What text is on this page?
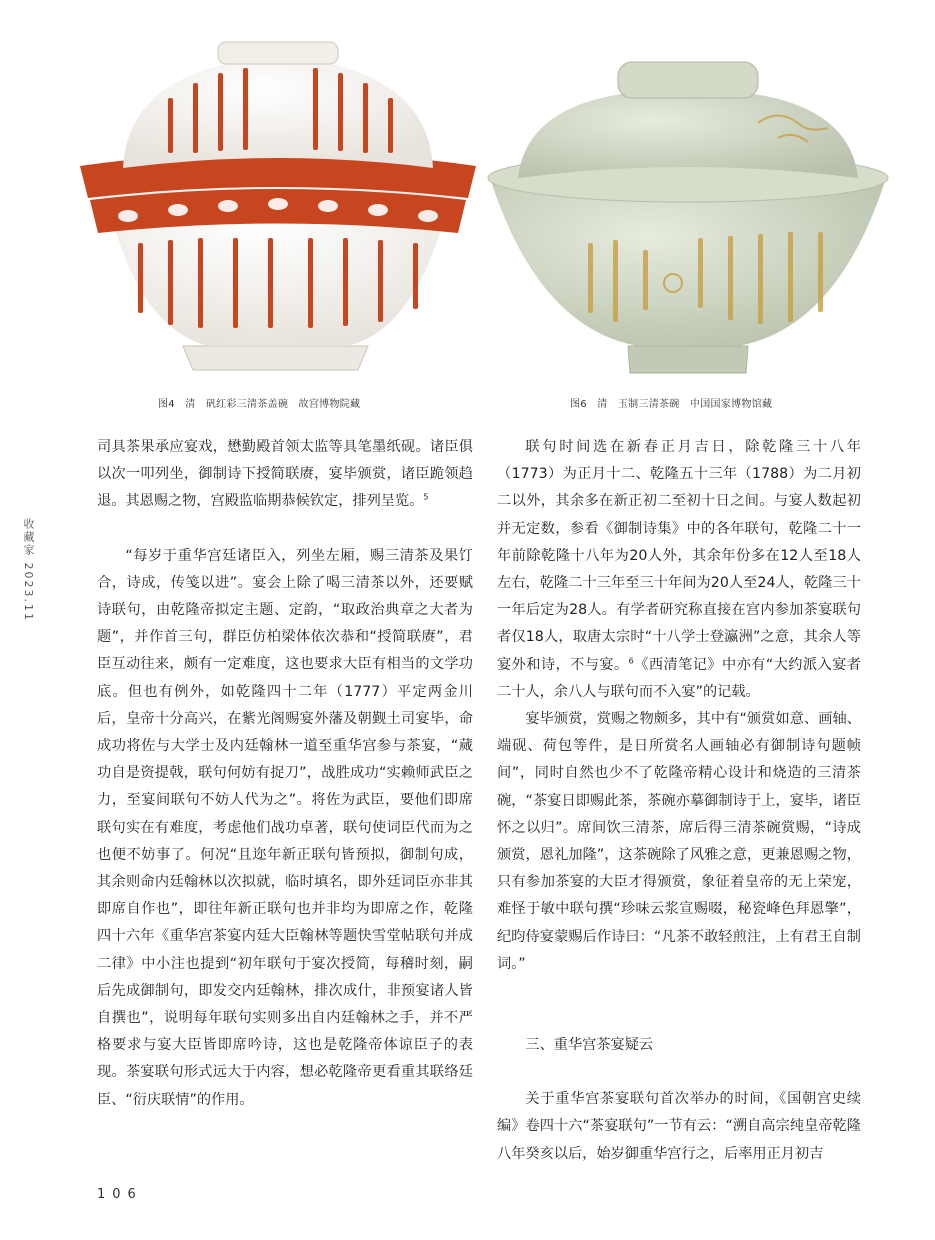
图4　清　矾红彩三清茶盖碗　故宫博物院藏	图6　清　玉制三清茶碗　中国国家博物馆藏
收藏家 2023.11

司具茶果承应宴戏，懋勤殿首领太监等具笔墨纸砚。诸臣俱以次一叩列坐，御制诗下授简联赓，宴毕颁赏，诸臣跪领趋退。其恩赐之物，宫殿监临期恭候钦定，排列呈览。$^5$

“每岁于重华宫廷诸臣入，列坐左厢，赐三清茶及果饤合，诗成，传笺以进”。宴会上除了喝三清茶以外，还要赋诗联句，由乾隆帝拟定主题、定韵，“取政治典章之大者为题”，并作首三句，群臣仿柏梁体依次恭和“授简联赓”，君臣互动往来，颇有一定难度，这也要求大臣有相当的文学功底。但也有例外，如乾隆四十二年（1777）平定两金川后，皇帝十分高兴，在紫光阁赐宴外藩及朝觐土司宴毕，命成功将佐与大学士及内廷翰林一道至重华宫参与茶宴，“蒇功自是资提戟，联句何妨有捉刀”，战胜成功“实赖师武臣之力，至宴间联句不妨人代为之”。将佐为武臣，要他们即席联句实在有难度，考虑他们战功卓著，联句使词臣代而为之也便不妨事了。何况“且迩年新正联句皆预拟，御制句成，其余则命内廷翰林以次拟就，临时填名，即外廷词臣亦非其即席自作也”，即往年新正联句也并非均为即席之作，乾隆四十六年《重华宫茶宴内廷大臣翰林等题快雪堂帖联句并成二律》中小注也提到“初年联句于宴次授简，每稽时刻，嗣后先成御制句，即发交内廷翰林，排次成什，非预宴诸人皆自撰也”，说明每年联句实则多出自内廷翰林之手，并不严格要求与宴大臣皆即席吟诗，这也是乾隆帝体谅臣子的表现。茶宴联句形式远大于内容，想必乾隆帝更看重其联络廷臣、“衍庆联情”的作用。

联句时间选在新春正月吉日，除乾隆三十八年（1773）为正月十二、乾隆五十三年（1788）为二月初二以外，其余多在新正初二至初十日之间。与宴人数起初并无定数，参看《御制诗集》中的各年联句，乾隆二十一年前除乾隆十八年为20人外，其余年份多在12人至18人左右，乾隆二十三年至三十年间为20人至24人，乾隆三十一年后定为28人。有学者研究称直接在宫内参加茶宴联句者仅18人，取唐太宗时“十八学士登瀛洲”之意，其余人等宴外和诗，不与宴。$^6$《西清笔记》中亦有“大约派入宴者二十人，余八人与联句而不入宴”的记载。

宴毕颁赏，赏赐之物颇多，其中有“颁赏如意、画轴、端砚、荷包等件，是日所赏名人画轴必有御制诗句题帧间”，同时自然也少不了乾隆帝精心设计和烧造的三清茶碗，“茶宴日即赐此茶，茶碗亦摹御制诗于上，宴毕，诸臣怀之以归”。席间饮三清茶，席后得三清茶碗赏赐，“诗成颁赏，恩礼加隆”，这茶碗除了风雅之意，更兼恩赐之物，只有参加茶宴的大臣才得颁赏，象征着皇帝的无上荣宠，难怪于敏中联句撰“珍味云浆宣赐啜，秘瓷峰色拜恩擎”，纪昀侍宴蒙赐后作诗曰：“凡茶不敢轻煎注，上有君王自制词。”

三、重华宫茶宴疑云

关于重华宫茶宴联句首次举办的时间，《国朝宫史续编》卷四十六“茶宴联句”一节有云：“溯自高宗纯皇帝乾隆八年癸亥以后，始岁御重华宫行之，后率用正月初吉

106
